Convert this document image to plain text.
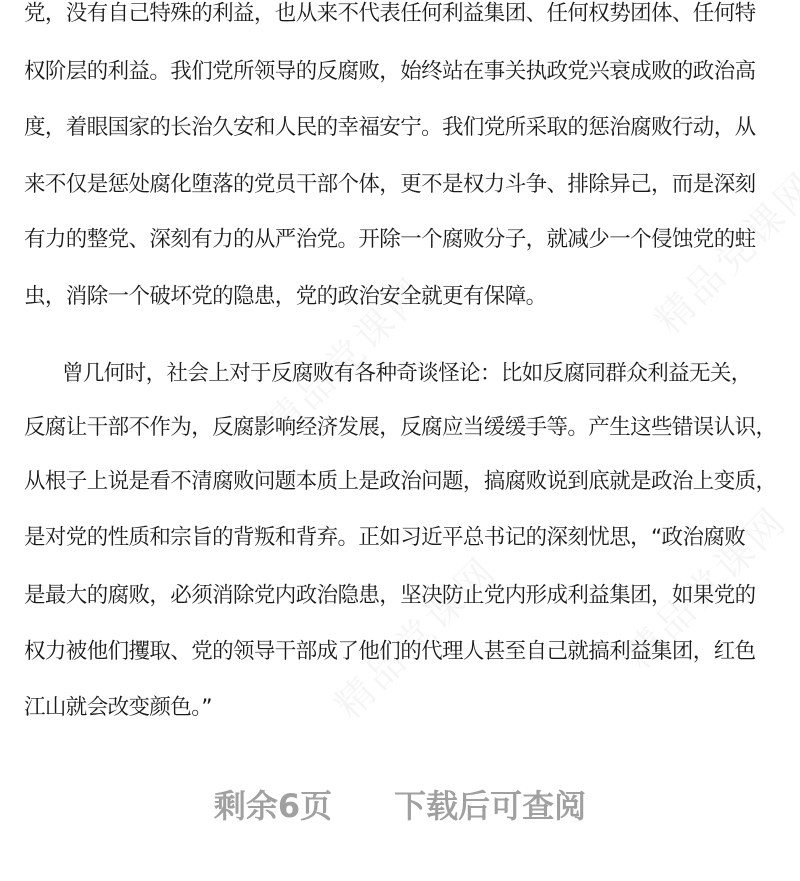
党，没有自己特殊的利益，也从来不代表任何利益集团、任何权势团体、任何特
权阶层的利益。我们党所领导的反腐败，始终站在事关执政党兴衰成败的政治高
度，着眼国家的长治久安和人民的幸福安宁。我们党所采取的惩治腐败行动，从
来不仅是惩处腐化堕落的党员干部个体，更不是权力斗争、排除异己，而是深刻
有力的整党、深刻有力的从严治党。开除一个腐败分子，就减少一个侵蚀党的蛀
虫，消除一个破坏党的隐患，党的政治安全就更有保障。
曾几何时，社会上对于反腐败有各种奇谈怪论：比如反腐同群众利益无关，
反腐让干部不作为，反腐影响经济发展，反腐应当缓缓手等。产生这些错误认识，
从根子上说是看不清腐败问题本质上是政治问题，搞腐败说到底就是政治上变质，
是对党的性质和宗旨的背叛和背弃。正如习近平总书记的深刻忧思，“政治腐败
是最大的腐败，必须消除党内政治隐患，坚决防止党内形成利益集团，如果党的
权力被他们攫取、党的领导干部成了他们的代理人甚至自己就搞利益集团，红色
江山就会改变颜色。”
剩余6页 下载后可查阅
